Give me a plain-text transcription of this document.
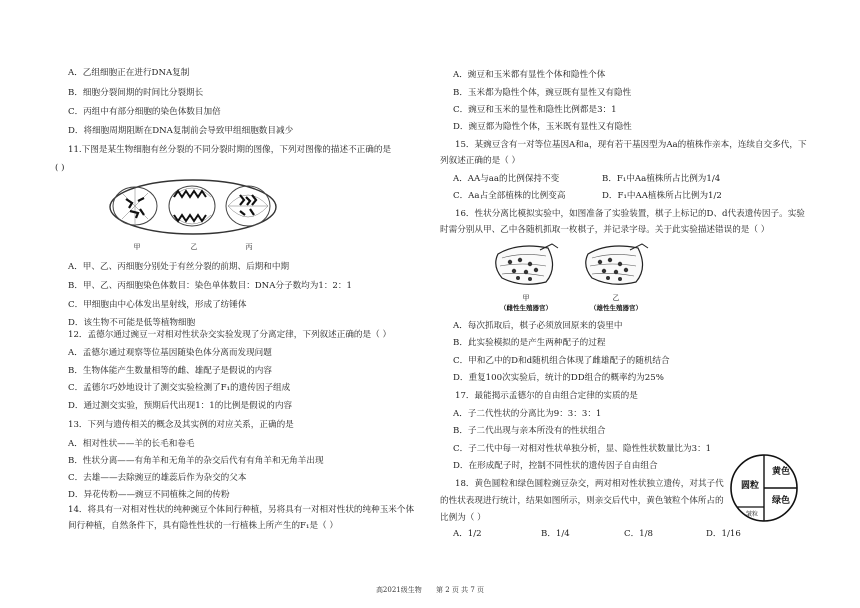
A．乙组细胞正在进行DNA复制
B．细胞分裂间期的时间比分裂期长
C．丙组中有部分细胞的染色体数目加倍
D．将细胞周期阻断在DNA复制前会导致甲组细胞数目减少
11.下图是某生物细胞有丝分裂的不同分裂时期的图像，下列对图像的描述不正确的是
( )
甲	乙	丙
A．甲、乙、丙细胞分别处于有丝分裂的前期、后期和中期
B．甲、乙、丙细胞染色体数目：染色单体数目：DNA分子数均为1：2：1
C．甲细胞由中心体发出星射线，形成了纺锤体
D．该生物不可能是低等植物细胞
12．孟德尔通过豌豆一对相对性状杂交实验发现了分离定律，下列叙述正确的是（ ）
A．孟德尔通过观察等位基因随染色体分离而发现问题
B．生物体能产生数量相等的雌、雄配子是假说的内容
C．孟德尔巧妙地设计了测交实验检测了F₁的遗传因子组成
D．通过测交实验，预期后代出现1：1的比例是假说的内容
13．下列与遗传相关的概念及其实例的对应关系，正确的是
A．相对性状——羊的长毛和卷毛
B．性状分离——有角羊和无角羊的杂交后代有有角羊和无角羊出现
C．去雄——去除豌豆的雄蕊后作为杂交的父本
D．异花传粉——豌豆不同植株之间的传粉
14．将具有一对相对性状的纯种豌豆个体间行种植，另将具有一对相对性状的纯种玉米个体
间行种植，自然条件下，具有隐性性状的一行植株上所产生的F₁是（ ）
A．豌豆和玉米都有显性个体和隐性个体
B．玉米都为隐性个体，豌豆既有显性又有隐性
C．豌豆和玉米的显性和隐性比例都是3：1
D．豌豆都为隐性个体，玉米既有显性又有隐性
15．某豌豆含有一对等位基因A和a，现有若干基因型为Aa的植株作亲本，连续自交多代，下
列叙述正确的是（ ）
A．AA与aa的比例保持不变	B．F₁中Aa植株所占比例为1/4
C．Aa占全部植株的比例变高	D．F₁中AA植株所占比例为1/2
16．性状分离比模拟实验中，如图准备了实验装置，棋子上标记的D、d代表遗传因子。实验
时需分别从甲、乙中各随机抓取一枚棋子，并记录字母。关于此实验描述错误的是（ ）
甲
（雌性生殖器官）
乙
（雄性生殖器官）
A．每次抓取后，棋子必须放回原来的袋里中
B．此实验模拟的是产生两种配子的过程
C．甲和乙中的D和d随机组合体现了雌雄配子的随机结合
D．重复100次实验后，统计的DD组合的概率约为25%
17．最能揭示孟德尔的自由组合定律的实质的是
A．子二代性状的分离比为9：3：3：1
B．子二代出现与亲本所没有的性状组合
C．子二代中每一对相对性状单独分析，显、隐性性状数量比为3：1
D．在形成配子时，控制不同性状的遗传因子自由组合
18．黄色圆粒和绿色圆粒豌豆杂交，两对相对性状独立遗传，对其子代
的性状表现进行统计，结果如图所示，则亲交后代中，黄色皱粒个体所占的
比例为（ ）
A．1/2	B．1/4	C．1/8	D．1/16
黄色
绿色
圆粒
皱粒
高2021级生物 第 2 页 共 7 页
